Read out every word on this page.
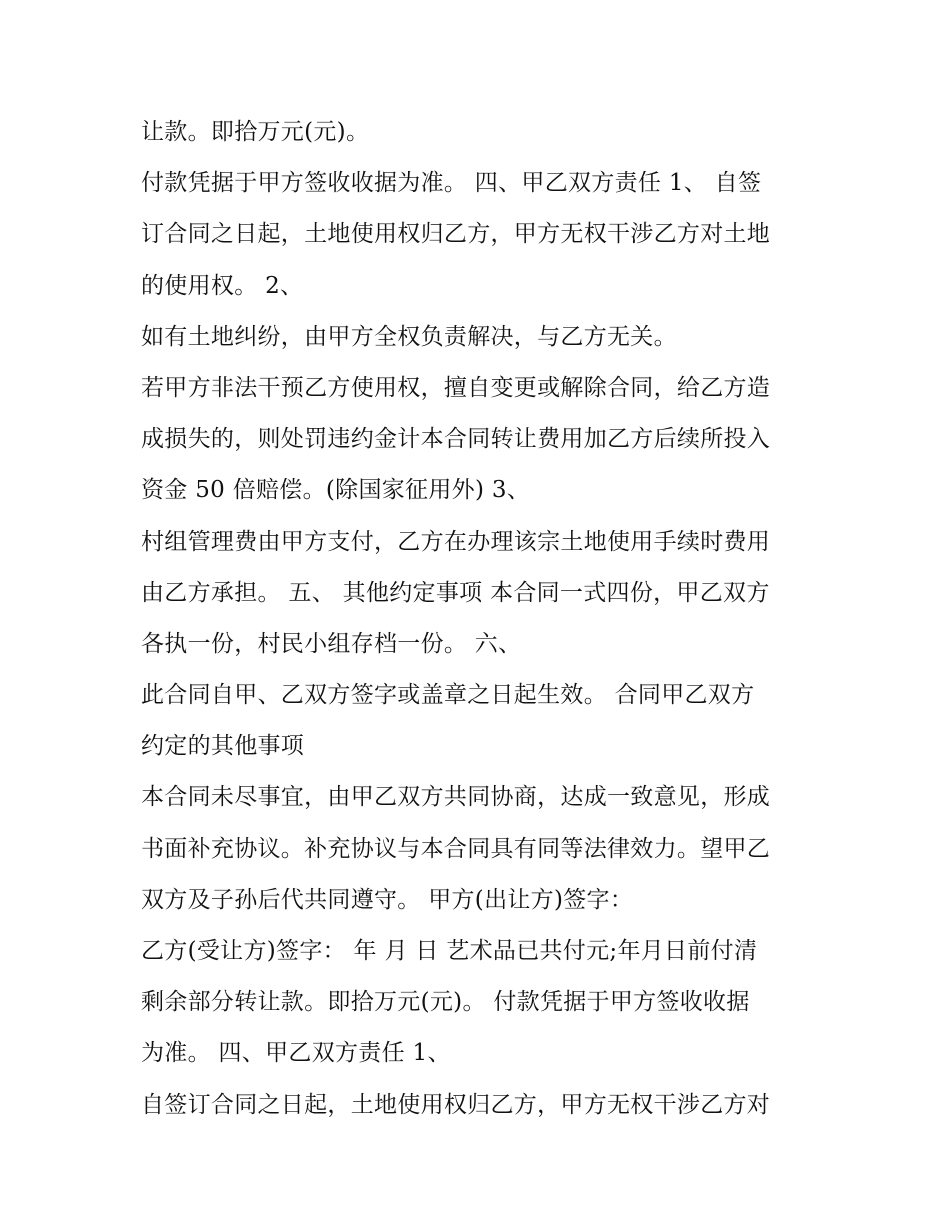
让款。即拾万元(元)。
付款凭据于甲方签收收据为准。 四、甲乙双方责任 1、 自签
订合同之日起，土地使用权归乙方，甲方无权干涉乙方对土地
的使用权。 2、
如有土地纠纷，由甲方全权负责解决，与乙方无关。
若甲方非法干预乙方使用权，擅自变更或解除合同，给乙方造
成损失的，则处罚违约金计本合同转让费用加乙方后续所投入
资金 50 倍赔偿。(除国家征用外) 3、
村组管理费由甲方支付，乙方在办理该宗土地使用手续时费用
由乙方承担。 五、 其他约定事项 本合同一式四份，甲乙双方
各执一份，村民小组存档一份。 六、
此合同自甲、乙双方签字或盖章之日起生效。 合同甲乙双方
约定的其他事项
本合同未尽事宜，由甲乙双方共同协商，达成一致意见，形成
书面补充协议。补充协议与本合同具有同等法律效力。望甲乙
双方及子孙后代共同遵守。 甲方(出让方)签字：
乙方(受让方)签字： 年 月 日 艺术品已共付元;年月日前付清
剩余部分转让款。即拾万元(元)。 付款凭据于甲方签收收据
为准。 四、甲乙双方责任 1、
自签订合同之日起，土地使用权归乙方，甲方无权干涉乙方对
